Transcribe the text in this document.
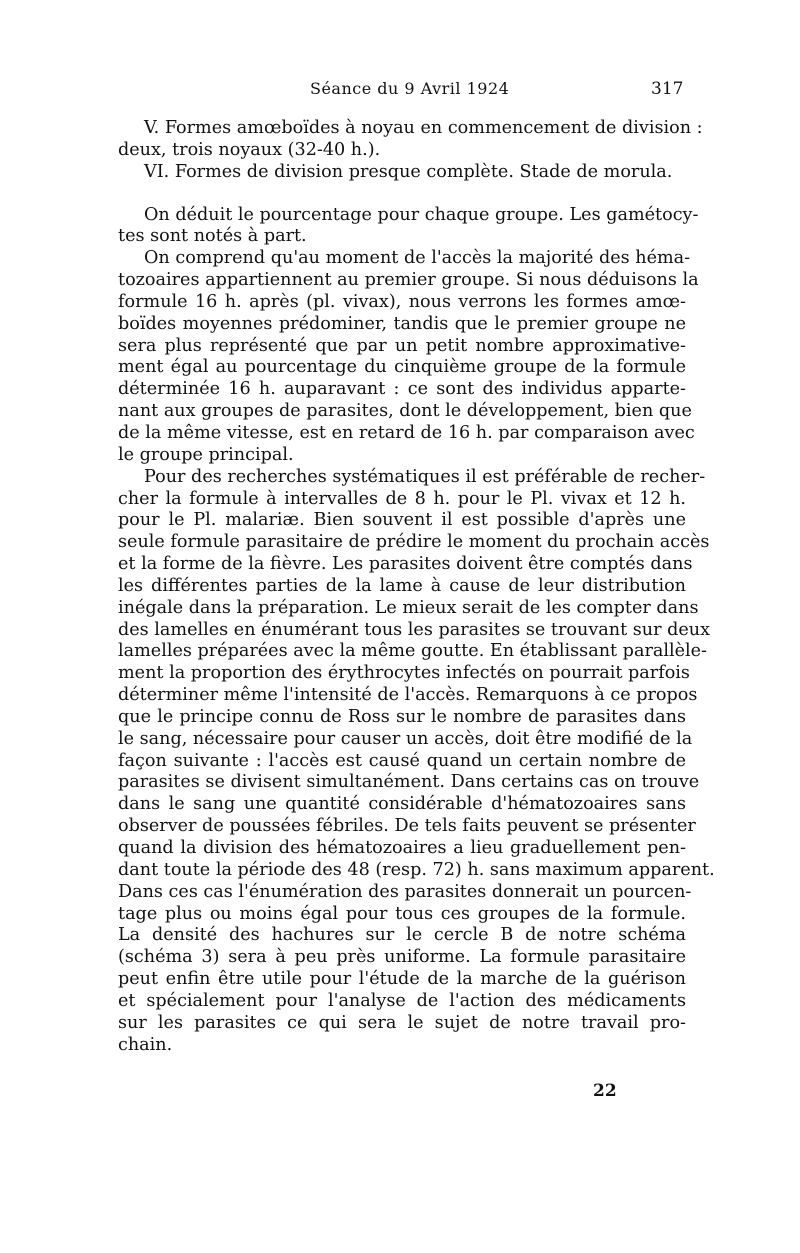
Séance du 9 Avril 1924	317
V. Formes amœboïdes à noyau en commencement de division :
deux, trois noyaux (32-40 h.).
VI. Formes de division presque complète. Stade de morula.
On déduit le pourcentage pour chaque groupe. Les gamétocy-
tes sont notés à part.
On comprend qu'au moment de l'accès la majorité des héma-
tozoaires appartiennent au premier groupe. Si nous déduisons la
formule 16 h. après (pl. vivax), nous verrons les formes amœ-
boïdes moyennes prédominer, tandis que le premier groupe ne
sera plus représenté que par un petit nombre approximative-
ment égal au pourcentage du cinquième groupe de la formule
déterminée 16 h. auparavant : ce sont des individus apparte-
nant aux groupes de parasites, dont le développement, bien que
de la même vitesse, est en retard de 16 h. par comparaison avec
le groupe principal.
Pour des recherches systématiques il est préférable de recher-
cher la formule à intervalles de 8 h. pour le Pl. vivax et 12 h.
pour le Pl. malariæ. Bien souvent il est possible d'après une
seule formule parasitaire de prédire le moment du prochain accès
et la forme de la fièvre. Les parasites doivent être comptés dans
les différentes parties de la lame à cause de leur distribution
inégale dans la préparation. Le mieux serait de les compter dans
des lamelles en énumérant tous les parasites se trouvant sur deux
lamelles préparées avec la même goutte. En établissant parallèle-
ment la proportion des érythrocytes infectés on pourrait parfois
déterminer même l'intensité de l'accès. Remarquons à ce propos
que le principe connu de Ross sur le nombre de parasites dans
le sang, nécessaire pour causer un accès, doit être modifié de la
façon suivante : l'accès est causé quand un certain nombre de
parasites se divisent simultanément. Dans certains cas on trouve
dans le sang une quantité considérable d'hématozoaires sans
observer de poussées fébriles. De tels faits peuvent se présenter
quand la division des hématozoaires a lieu graduellement pen-
dant toute la période des 48 (resp. 72) h. sans maximum apparent.
Dans ces cas l'énumération des parasites donnerait un pourcen-
tage plus ou moins égal pour tous ces groupes de la formule.
La densité des hachures sur le cercle B de notre schéma
(schéma 3) sera à peu près uniforme. La formule parasitaire
peut enfin être utile pour l'étude de la marche de la guérison
et spécialement pour l'analyse de l'action des médicaments
sur les parasites ce qui sera le sujet de notre travail pro-
chain.
22
